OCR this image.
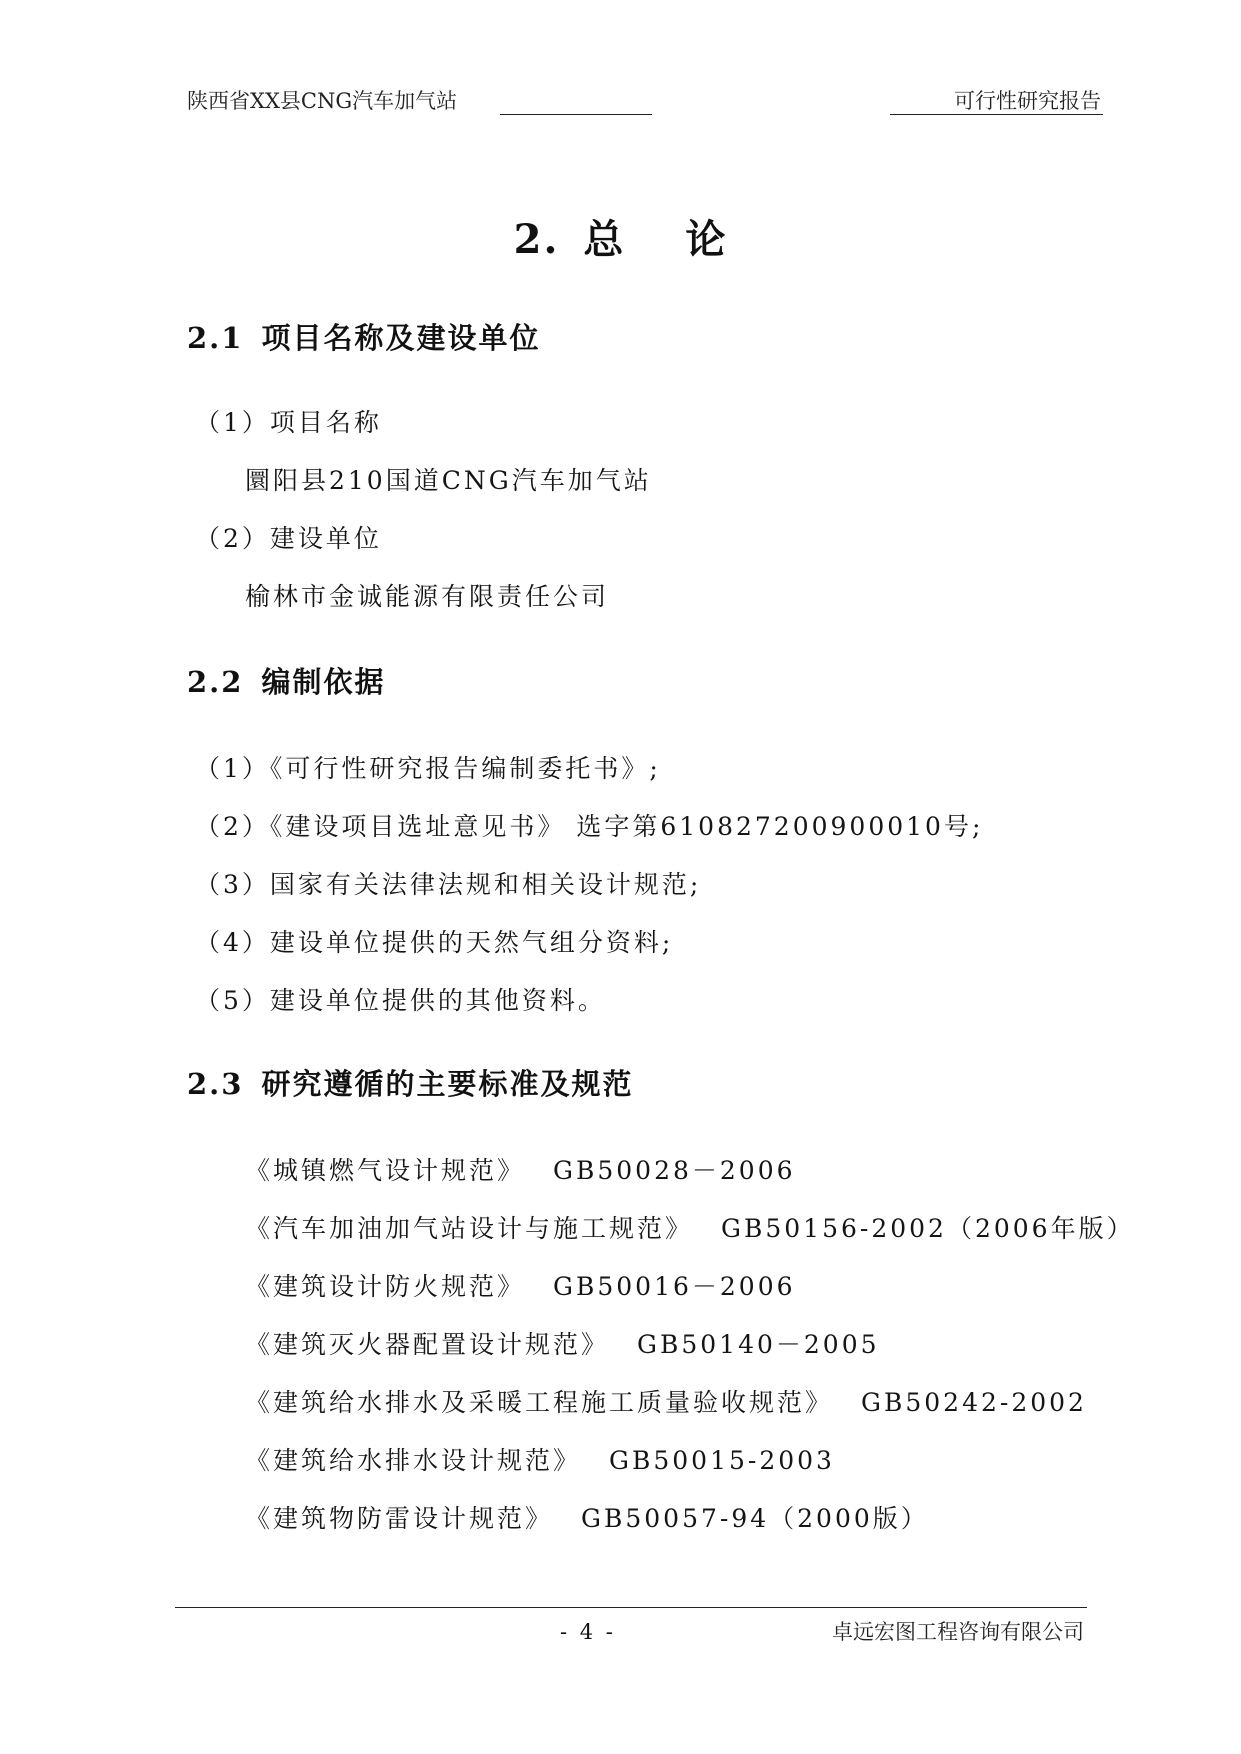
陕西省XX县CNG汽车加气站	可行性研究报告
2. 总 论
2.1 项目名称及建设单位
（1）项目名称
圜阳县210国道CNG汽车加气站
（2）建设单位
榆林市金诚能源有限责任公司
2.2 编制依据
（1）《可行性研究报告编制委托书》;
（2）《建设项目选址意见书》 选字第610827200900010号;
（3）国家有关法律法规和相关设计规范;
（4）建设单位提供的天然气组分资料;
（5）建设单位提供的其他资料。
2.3 研究遵循的主要标准及规范
《城镇燃气设计规范》 GB50028－2006
《汽车加油加气站设计与施工规范》 GB50156-2002（2006年版）
《建筑设计防火规范》 GB50016－2006
《建筑灭火器配置设计规范》 GB50140－2005
《建筑给水排水及采暖工程施工质量验收规范》 GB50242-2002
《建筑给水排水设计规范》 GB50015-2003
《建筑物防雷设计规范》 GB50057-94（2000版）
- 4 -	卓远宏图工程咨询有限公司
